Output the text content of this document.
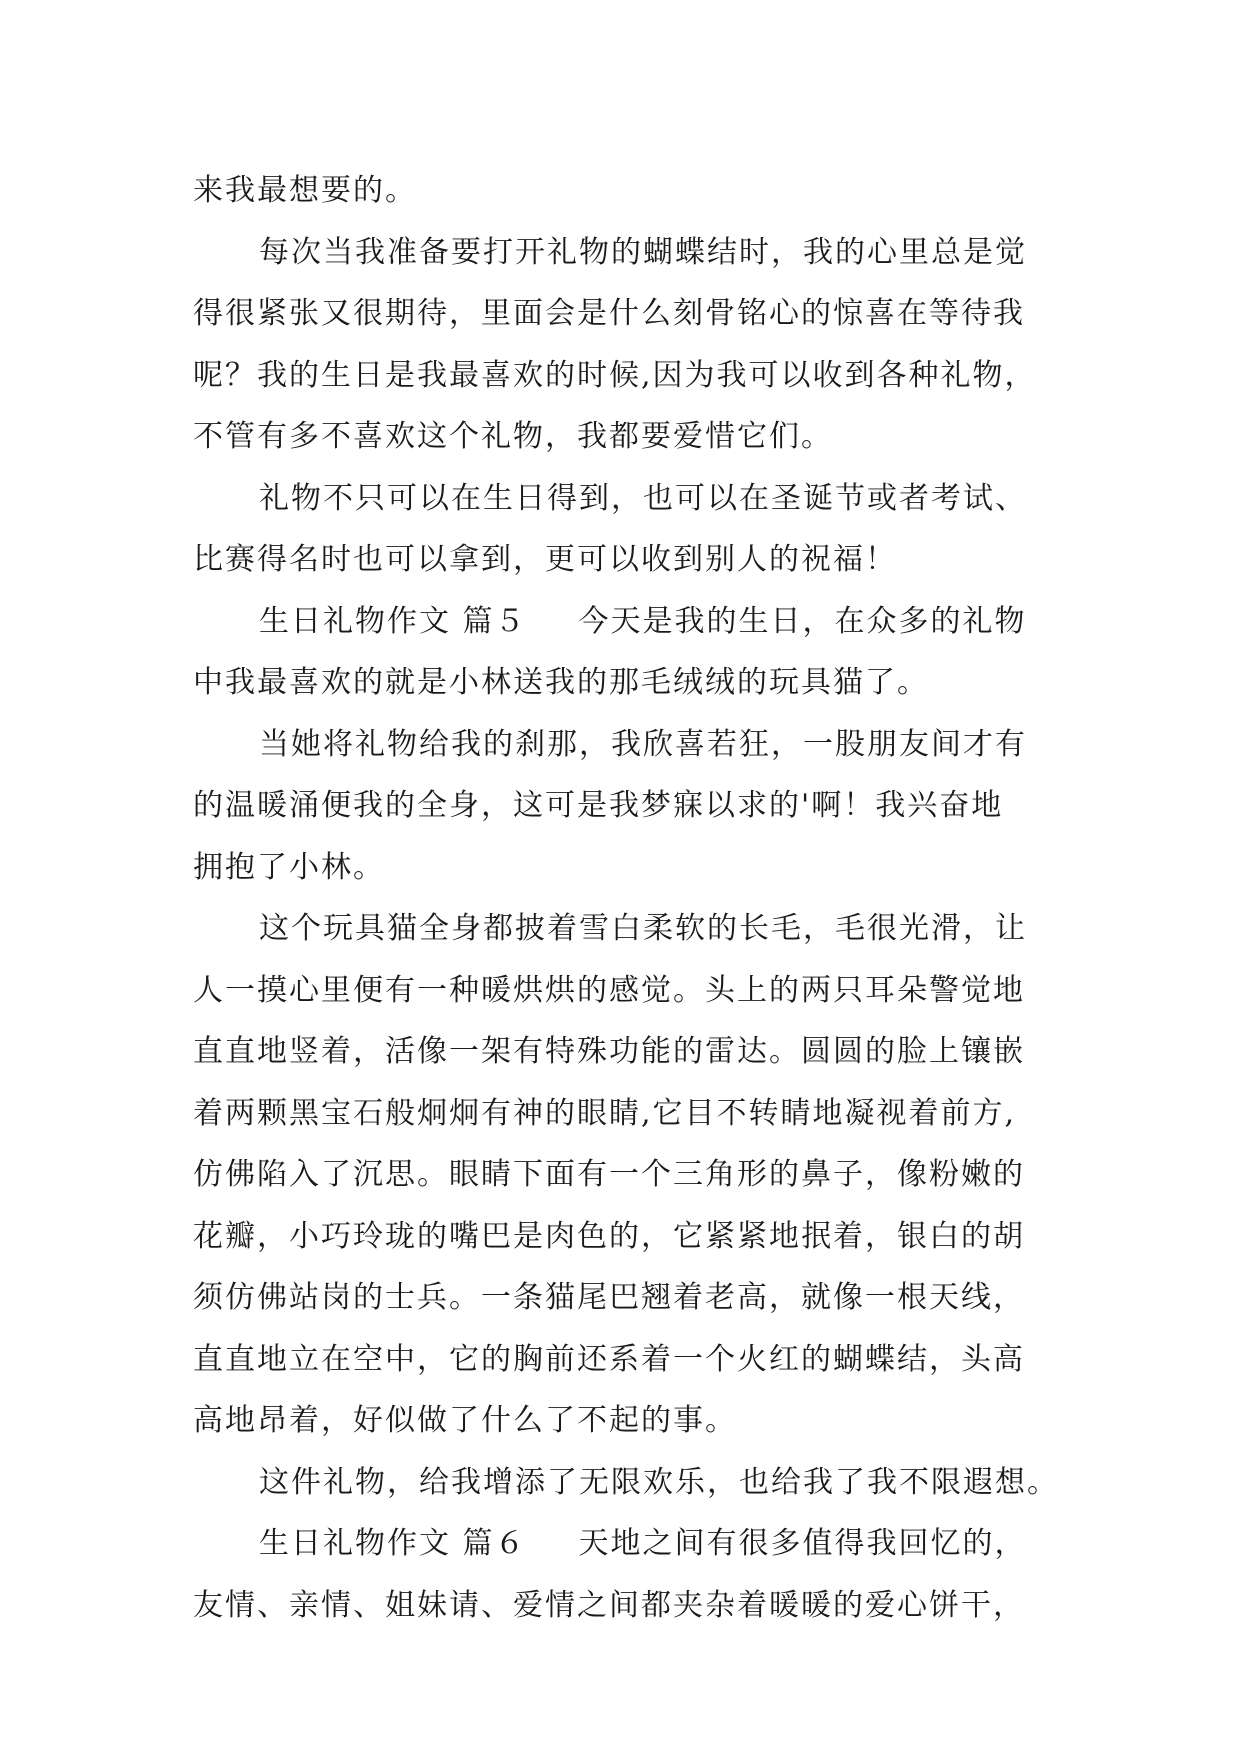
来我最想要的。
每次当我准备要打开礼物的蝴蝶结时，我的心里总是觉
得很紧张又很期待，里面会是什么刻骨铭心的惊喜在等待我
呢？我的生日是我最喜欢的时候,因为我可以收到各种礼物，
不管有多不喜欢这个礼物，我都要爱惜它们。
礼物不只可以在生日得到，也可以在圣诞节或者考试、
比赛得名时也可以拿到，更可以收到别人的祝福！
生日礼物作文 篇５ 今天是我的生日，在众多的礼物
中我最喜欢的就是小林送我的那毛绒绒的玩具猫了。
当她将礼物给我的刹那，我欣喜若狂，一股朋友间才有
的温暖涌便我的全身，这可是我梦寐以求的'啊！我兴奋地
拥抱了小林。
这个玩具猫全身都披着雪白柔软的长毛，毛很光滑，让
人一摸心里便有一种暖烘烘的感觉。头上的两只耳朵警觉地
直直地竖着，活像一架有特殊功能的雷达。圆圆的脸上镶嵌
着两颗黑宝石般炯炯有神的眼睛,它目不转睛地凝视着前方,
仿佛陷入了沉思。眼睛下面有一个三角形的鼻子，像粉嫩的
花瓣，小巧玲珑的嘴巴是肉色的，它紧紧地抿着，银白的胡
须仿佛站岗的士兵。一条猫尾巴翘着老高，就像一根天线，
直直地立在空中，它的胸前还系着一个火红的蝴蝶结，头高
高地昂着，好似做了什么了不起的事。
这件礼物，给我增添了无限欢乐，也给我了我不限遐想。
生日礼物作文 篇６ 天地之间有很多值得我回忆的，
友情、亲情、姐妹请、爱情之间都夹杂着暖暖的爱心饼干，
